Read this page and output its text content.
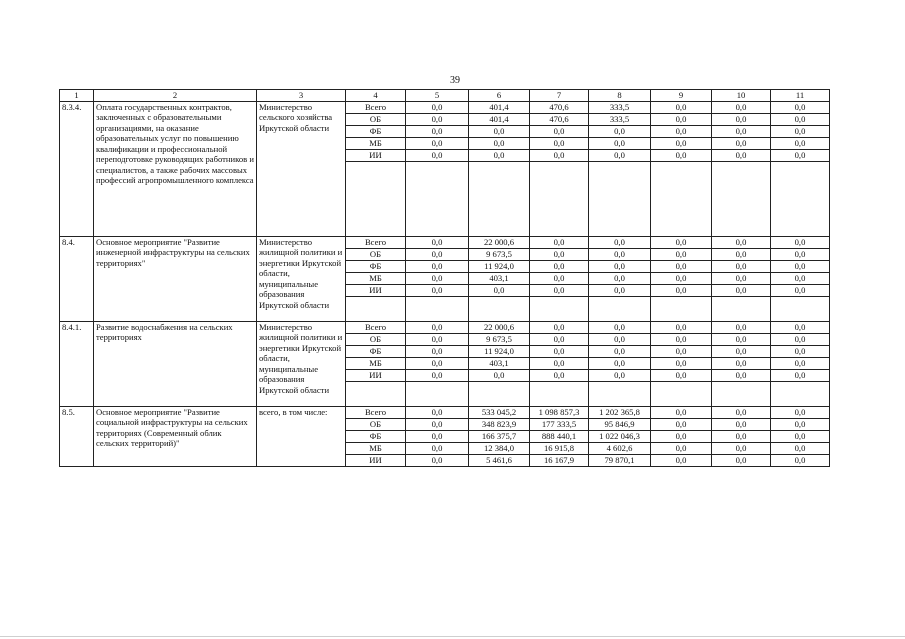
39
1	2	3	4	5	6	7	8	9	10	11
8.3.4.	Оплата государственных контрактов, заключенных с образовательными организациями, на оказание образовательных услуг по повышению квалификации и профессиональной переподготовке руководящих работников и специалистов, а также рабочих массовых профессий агропромышленного комплекса	Министерство сельского хозяйства Иркутской области	Всего	0,0	401,4	470,6	333,5	0,0	0,0	0,0
			ОБ	0,0	401,4	470,6	333,5	0,0	0,0	0,0
			ФБ	0,0	0,0	0,0	0,0	0,0	0,0	0,0
			МБ	0,0	0,0	0,0	0,0	0,0	0,0	0,0
			ИИ	0,0	0,0	0,0	0,0	0,0	0,0	0,0

8.4.	Основное мероприятие "Развитие инженерной инфраструктуры на сельских территориях"	Министерство жилищной политики и энергетики Иркутской области, муниципальные образования Иркутской области	Всего	0,0	22 000,6	0,0	0,0	0,0	0,0	0,0
			ОБ	0,0	9 673,5	0,0	0,0	0,0	0,0	0,0
			ФБ	0,0	11 924,0	0,0	0,0	0,0	0,0	0,0
			МБ	0,0	403,1	0,0	0,0	0,0	0,0	0,0
			ИИ	0,0	0,0	0,0	0,0	0,0	0,0	0,0

8.4.1.	Развитие водоснабжения на сельских территориях	Министерство жилищной политики и энергетики Иркутской области, муниципальные образования Иркутской области	Всего	0,0	22 000,6	0,0	0,0	0,0	0,0	0,0
			ОБ	0,0	9 673,5	0,0	0,0	0,0	0,0	0,0
			ФБ	0,0	11 924,0	0,0	0,0	0,0	0,0	0,0
			МБ	0,0	403,1	0,0	0,0	0,0	0,0	0,0
			ИИ	0,0	0,0	0,0	0,0	0,0	0,0	0,0

8.5.	Основное мероприятие "Развитие социальной инфраструктуры на сельских территориях (Современный облик сельских территорий)"	всего, в том числе:	Всего	0,0	533 045,2	1 098 857,3	1 202 365,8	0,0	0,0	0,0
			ОБ	0,0	348 823,9	177 333,5	95 846,9	0,0	0,0	0,0
			ФБ	0,0	166 375,7	888 440,1	1 022 046,3	0,0	0,0	0,0
			МБ	0,0	12 384,0	16 915,8	4 602,6	0,0	0,0	0,0
			ИИ	0,0	5 461,6	16 167,9	79 870,1	0,0	0,0	0,0
